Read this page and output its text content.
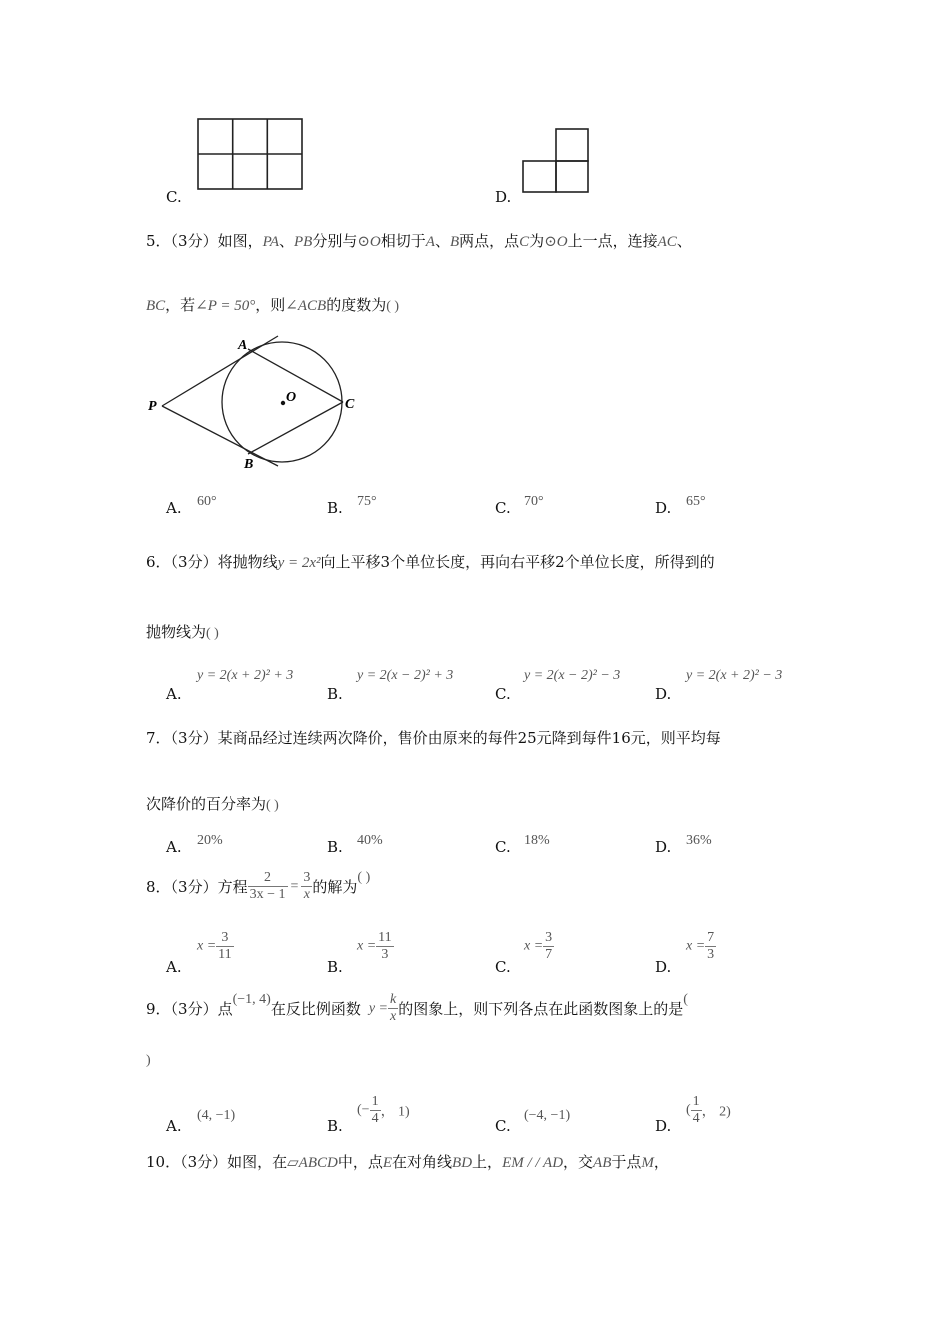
C.	D.
5．（3分）如图，PA、PB分别与⊙O相切于A、B两点，点C为⊙O上一点，连接AC、
BC，若∠P = 50°，则∠ACB的度数为( )
A
B
C
O
P
A. 60°	B. 75°	C. 70°	D. 65°
6．（3分）将抛物线y = 2x²向上平移3个单位长度，再向右平移2个单位长度，所得到的
抛物线为( )
A.
y = 2(x + 2)² + 3
B.
y = 2(x − 2)² + 3
C.
y = 2(x − 2)² − 3
D.
y = 2(x + 2)² − 3
7．（3分）某商品经过连续两次降价，售价由原来的每件25元降到每件16元，则平均每
次降价的百分率为( )
A. 20%	B. 40%	C. 18%	D. 36%
8．（3分）方程 $\frac{2}{3x - 1} = \frac{3}{x}$ 的解为( )
A.
$x = \frac{3}{11}$
B.
$x = \frac{11}{3}$
C.
$x = \frac{3}{7}$
D.
$x = \frac{7}{3}$
9．（3分）点(−1, 4)在反比例函数 $y = \frac{k}{x}$ 的图象上，则下列各点在此函数图象上的是(
)
A.
(4, −1)
B.
(− $\frac{1}{4}$ ， 1)
C.
(−4, −1)
D.
( $\frac{1}{4}$ ， 2)
10．（3分）如图，在▱ABCD中，点E在对角线BD上，EM / / AD，交AB于点M，
